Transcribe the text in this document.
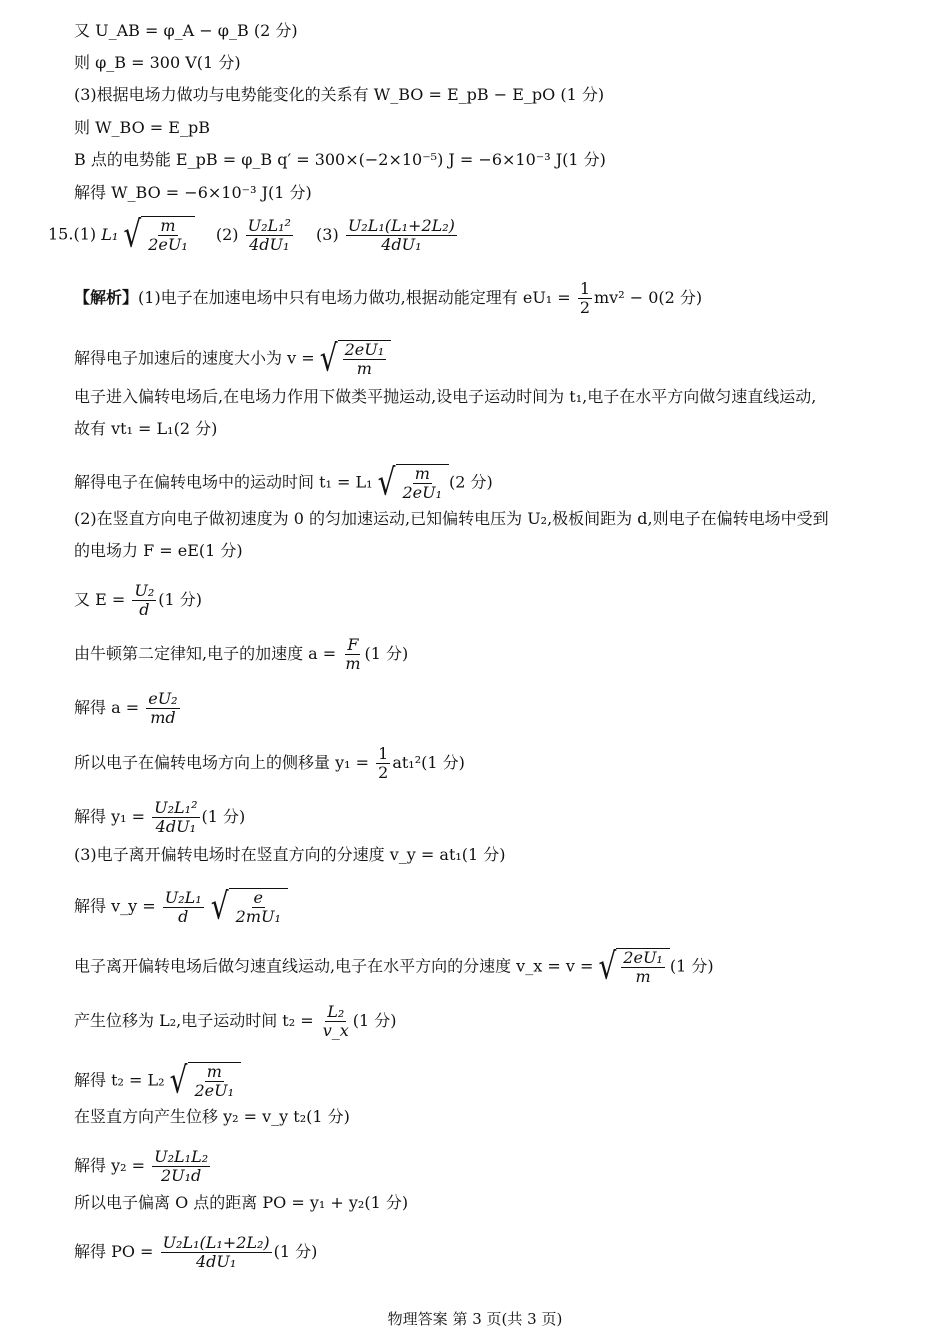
又 U_AB = φ_A − φ_B (2 分)
则 φ_B = 300 V(1 分)
(3)根据电场力做功与电势能变化的关系有 W_BO = E_pB − E_pO (1 分)
则 W_BO = E_pB
B 点的电势能 E_pB = φ_B q′ = 300×(−2×10⁻⁵) J = −6×10⁻³ J(1 分)
解得 W_BO = −6×10⁻³ J(1 分)
15.(1) L₁ √ $\frac{m}{\text{2eU₁}} (2) \frac{\text{U₂L₁²}}{\text{4dU₁}} (3) \frac{\text{U₂L₁(L₁+2L₂)}}{\text{4dU₁}}$
【解析】(1)电子在加速电场中只有电场力做功,根据动能定理有 $eU_1 = \frac{1}{2} mv^2 - 0(2$ 分)
解得电子加速后的速度大小为 v = √ $\frac{\text{2eU₁}}{m}$
电子进入偏转电场后,在电场力作用下做类平抛运动,设电子运动时间为 t₁,电子在水平方向做匀速直线运动,
故有 vt₁ = L₁(2 分)
解得电子在偏转电场中的运动时间 t₁ = L₁ √ $\frac{m}{\text{2eU₁}} (2$ 分)
(2)在竖直方向电子做初速度为 0 的匀加速运动,已知偏转电压为 U₂,极板间距为 d,则电子在偏转电场中受到
的电场力 F = eE(1 分)
又 $E = \frac{\text{U₂}}{d} (1$ 分)
由牛顿第二定律知,电子的加速度 $a = \frac{F}{m} (1$ 分)
解得 $a = \frac{\text{eU₂}}{md}$
所以电子在偏转电场方向上的侧移量 $y_1 = \frac{1}{2} at_1^2(1$ 分)
解得 $y_1 = \frac{\text{U₂L₁²}}{\text{4dU₁}} (1$ 分)
(3)电子离开偏转电场时在竖直方向的分速度 v_y = at₁(1 分)
解得 v_y = $\frac{\text{U₂L₁}}{d}$
√ $\frac{e}{\text{2mU₁}}$
电子离开偏转电场后做匀速直线运动,电子在水平方向的分速度 v_x = v = √ $\frac{\text{2eU₁}}{m} (1$ 分)
产生位移为 L₂,电子运动时间 $t_2 = \frac{\text{L₂}}{v\_x} (1$ 分)
解得 t₂ = L₂ √ $\frac{m}{\text{2eU₁}}$
在竖直方向产生位移 y₂ = v_y t₂(1 分)
解得 $y_2 = \frac{\text{U₂L₁L₂}}{\text{2U₁d}}$
所以电子偏离 O 点的距离 PO = y₁ + y₂(1 分)
解得 PO = $\frac{\text{U₂L₁(L₁+2L₂)}}{\text{4dU₁}} (1$ 分)
物理答案 第 3 页(共 3 页)
